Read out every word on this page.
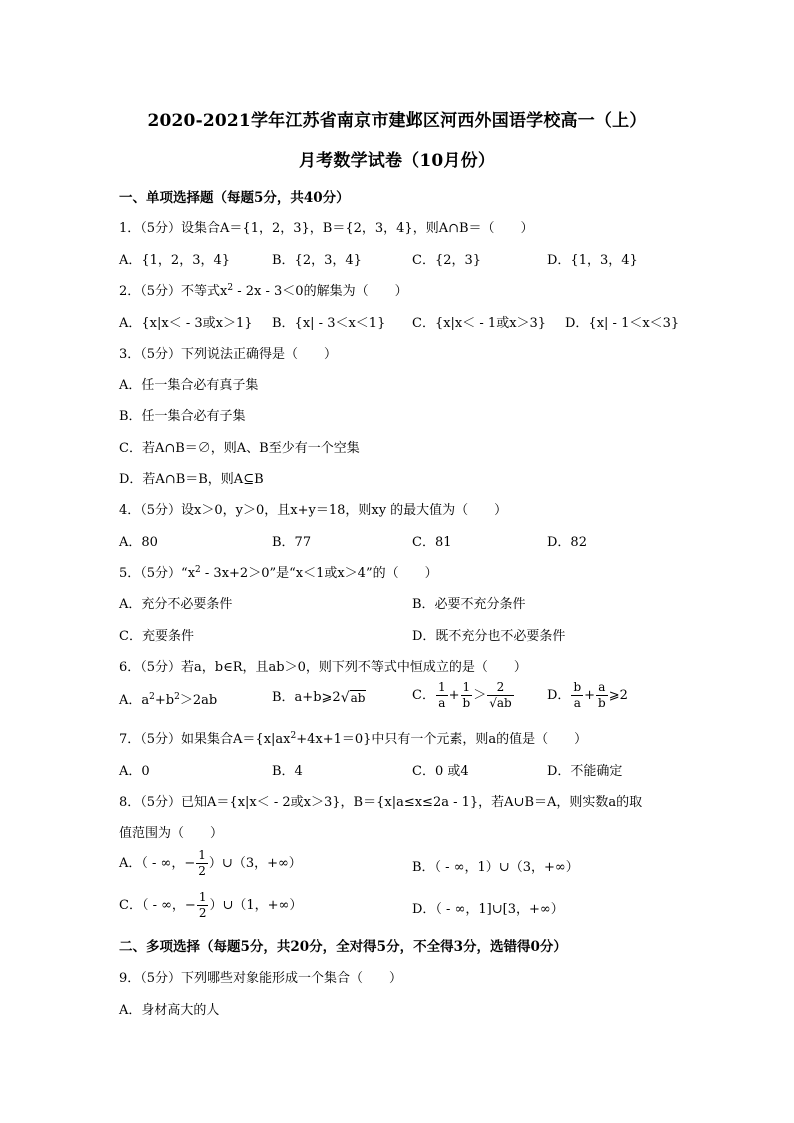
2020-2021学年江苏省南京市建邺区河西外国语学校高一（上）
月考数学试卷（10月份）
一、单项选择题（每题5分，共40分）
1．（5分）设集合A＝{1，2，3}，B＝{2，3，4}，则A∩B＝（　　）
A．{1，2，3，4}	B．{2，3，4}	C．{2，3}	D．{1，3，4}
2．（5分）不等式$x^2 - 2x - 3<0$的解集为（　　）
A．{x|x＜ - 3或x＞1} B．{x| - 3＜x＜1} C．{x|x＜ - 1或x＞3} D．{x| - 1＜x＜3}
3．（5分）下列说法正确得是（　　）
A．任一集合必有真子集
B．任一集合必有子集
C．若A∩B＝∅，则A、B至少有一个空集
D．若A∩B＝B，则A⊆B
4．（5分）设x＞0，y＞0，且x+y＝18，则xy 的最大值为（　　）
A．80	B．77	C．81	D．82
5．（5分）“$x^2 - 3x+2>0$”是“x＜1或x＞4”的（　　）
A．充分不必要条件	B．必要不充分条件
C．充要条件	D．既不充分也不必要条件
6．（5分）若a，b∈R，且ab＞0，则下列不等式中恒成立的是（　　）
A．$a^2+b^2>2ab$	B．a+b⩾2√ab	C． $\frac{1}{a} + \frac{1}{b} > \frac{2}{√ab}$	D． $\frac{b}{a} + \frac{a}{b}$ ⩾2
7．（5分）如果集合$A=\{x|ax^2+4x+1=0\}$中只有一个元素，则a的值是（　　）
A．0	B．4	C．0 或4	D．不能确定
8．（5分）已知A＝{x|x＜ - 2或x＞3}，B＝{x|a≤x≤2a - 1}，若A∪B＝A，则实数a的取
值范围为（　　）
A．（ - ∞，− $\frac{1}{2}$ ）∪（3，+∞）	B．（ - ∞，1）∪（3，+∞）
C．（ - ∞，− $\frac{1}{2}$ ）∪（1，+∞）	D．（ - ∞，1]∪[3，+∞）
二、多项选择（每题5分，共20分，全对得5分，不全得3分，选错得0分）
9．（5分）下列哪些对象能形成一个集合（　　）
A．身材高大的人
